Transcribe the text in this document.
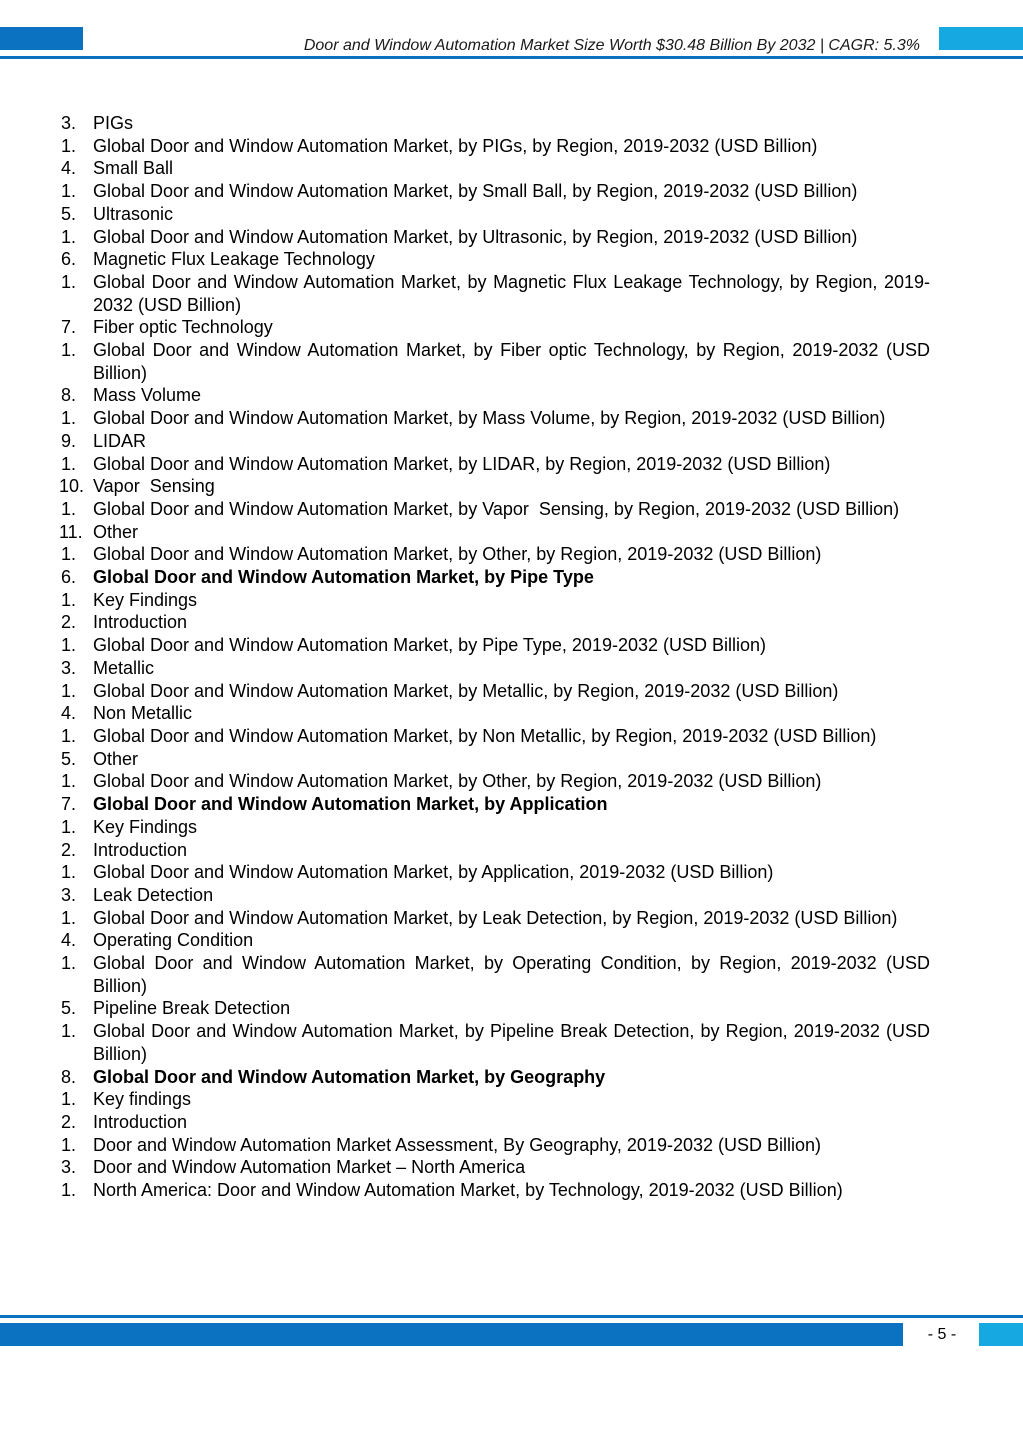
Door and Window Automation Market Size Worth $30.48 Billion By 2032 | CAGR: 5.3%
3. PIGs
1. Global Door and Window Automation Market, by PIGs, by Region, 2019-2032 (USD Billion)
4. Small Ball
1. Global Door and Window Automation Market, by Small Ball, by Region, 2019-2032 (USD Billion)
5. Ultrasonic
1. Global Door and Window Automation Market, by Ultrasonic, by Region, 2019-2032 (USD Billion)
6. Magnetic Flux Leakage Technology
1. Global Door and Window Automation Market, by Magnetic Flux Leakage Technology, by Region, 2019-2032 (USD Billion)
7. Fiber optic Technology
1. Global Door and Window Automation Market, by Fiber optic Technology, by Region, 2019-2032 (USD Billion)
8. Mass Volume
1. Global Door and Window Automation Market, by Mass Volume, by Region, 2019-2032 (USD Billion)
9. LIDAR
1. Global Door and Window Automation Market, by LIDAR, by Region, 2019-2032 (USD Billion)
10. Vapor  Sensing
1. Global Door and Window Automation Market, by Vapor  Sensing, by Region, 2019-2032 (USD Billion)
11. Other
1. Global Door and Window Automation Market, by Other, by Region, 2019-2032 (USD Billion)
6. Global Door and Window Automation Market, by Pipe Type
1. Key Findings
2. Introduction
1. Global Door and Window Automation Market, by Pipe Type, 2019-2032 (USD Billion)
3. Metallic
1. Global Door and Window Automation Market, by Metallic, by Region, 2019-2032 (USD Billion)
4. Non Metallic
1. Global Door and Window Automation Market, by Non Metallic, by Region, 2019-2032 (USD Billion)
5. Other
1. Global Door and Window Automation Market, by Other, by Region, 2019-2032 (USD Billion)
7. Global Door and Window Automation Market, by Application
1. Key Findings
2. Introduction
1. Global Door and Window Automation Market, by Application, 2019-2032 (USD Billion)
3. Leak Detection
1. Global Door and Window Automation Market, by Leak Detection, by Region, 2019-2032 (USD Billion)
4. Operating Condition
1. Global Door and Window Automation Market, by Operating Condition, by Region, 2019-2032 (USD Billion)
5. Pipeline Break Detection
1. Global Door and Window Automation Market, by Pipeline Break Detection, by Region, 2019-2032 (USD Billion)
8. Global Door and Window Automation Market, by Geography
1. Key findings
2. Introduction
1. Door and Window Automation Market Assessment, By Geography, 2019-2032 (USD Billion)
3. Door and Window Automation Market – North America
1. North America: Door and Window Automation Market, by Technology, 2019-2032 (USD Billion)
- 5 -
